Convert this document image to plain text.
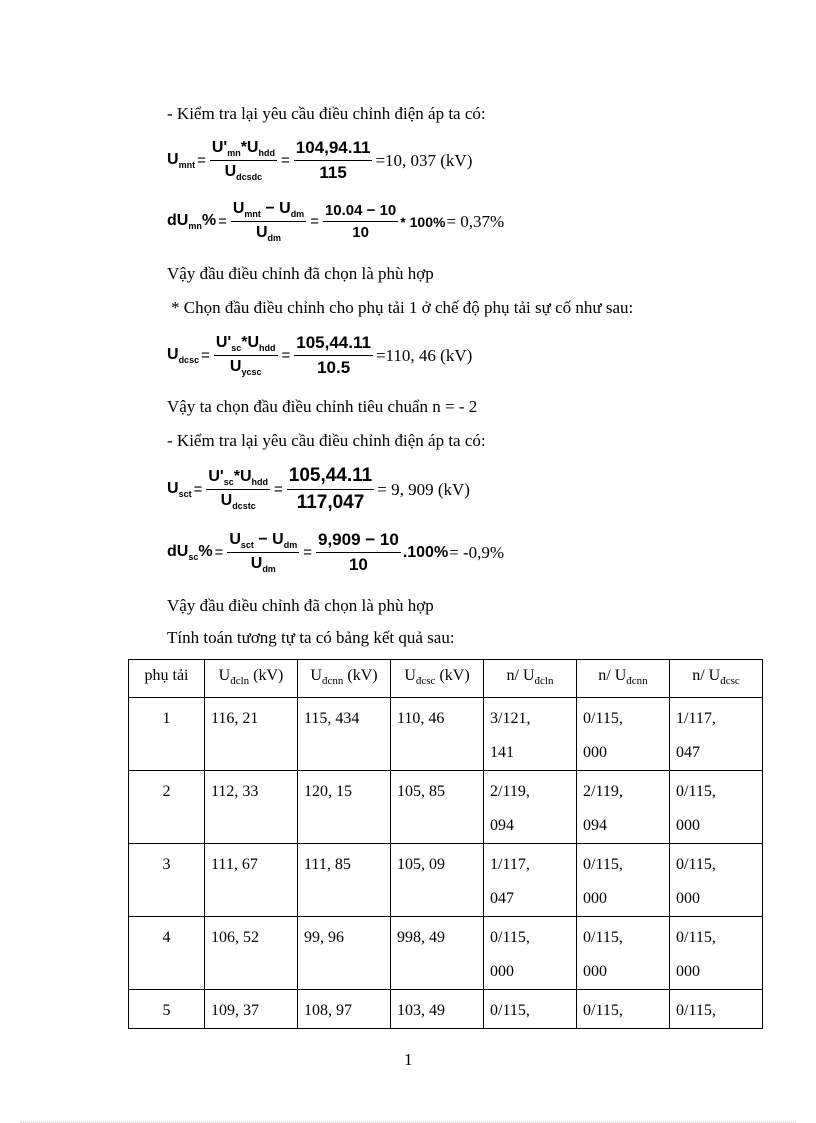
- Kiểm tra lại yêu cầu điều chỉnh điện áp ta có:
$U_{mnt} = \frac{U'_{mn}*U_{hdd}}{U_{dcsdc}} = \frac{104,94.11}{115} =10$, 037 (kV)
$dU_{mn}\% = \frac{U_{mnt} - U_{dm}}{U_{dm}} = \frac{10.04 - 10}{10} * 100\% = 0,37\%$
Vậy đầu điều chỉnh đã chọn là phù hợp
* Chọn đầu điều chỉnh cho phụ tải 1 ở chế độ phụ tải sự cố như sau:
$U_{dcsc} = \frac{U'_{sc}*U_{hdd}}{U_{ycsc}} = \frac{105,44.11}{10.5} =110$, 46 (kV)
Vậy ta chọn đầu điều chỉnh tiêu chuẩn n = - 2
- Kiểm tra lại yêu cầu điều chỉnh điện áp ta có:
$U_{sct} = \frac{U'_{sc}*U_{hdd}}{U_{dcstc}} = \frac{105,44.11}{117,047} = 9$, 909 (kV)
$dU_{sc}\% = \frac{U_{sct} - U_{dm}}{U_{dm}} = \frac{9,909 - 10}{10} .100\% = -0,9\%$
Vậy đầu điều chỉnh đã chọn là phù hợp
Tính toán tương tự ta có bảng kết quả sau:
phụ tải	$U_{đcln}$ (kV)	$U_{đcnn}$ (kV)	$U_{đcsc}$ (kV)	n/ $U_{đcln}$	n/ $U_{đcnn}$	n/ $U_{đcsc}$
1	116, 21	115, 434	110, 46	3/121, 141	0/115, 000	1/117, 047

2	112, 33	120, 15	105, 85	2/119, 094	2/119, 094	0/115, 000

3	111, 67	111, 85	105, 09	1/117, 047	0/115, 000	0/115, 000

4	106, 52	99, 96	998, 49	0/115, 000	0/115, 000	0/115, 000

5	109, 37	108, 97	103, 49	0/115,	0/115,	0/115,
1
